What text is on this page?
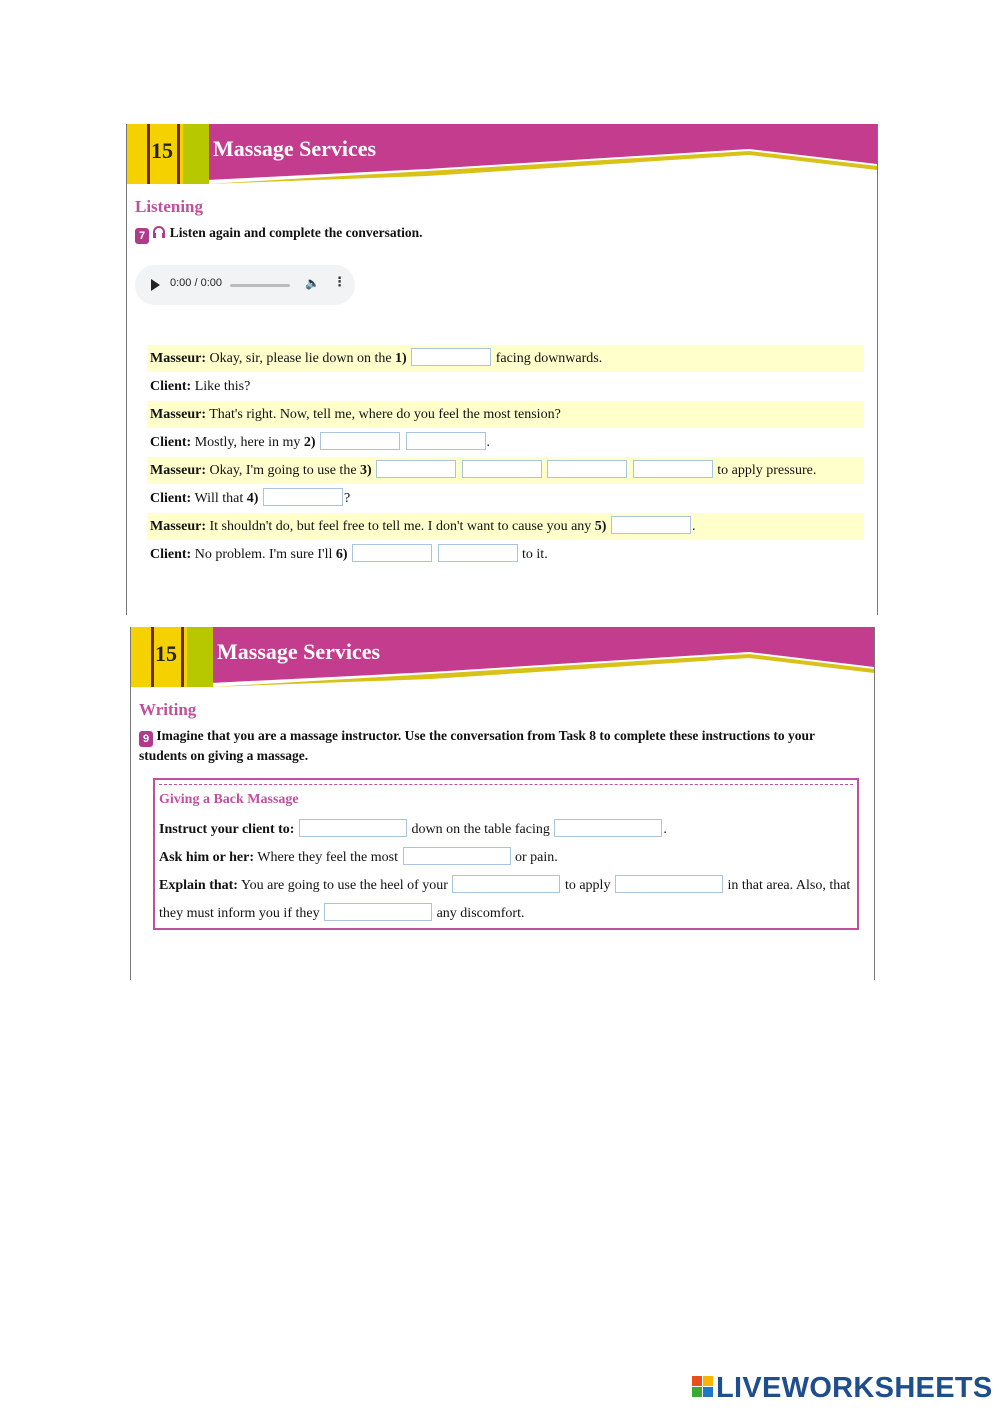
15 Massage Services
Listening
7 Listen again and complete the conversation.
0:00 / 0:00	🔈 ⋮
Masseur: Okay, sir, please lie down on the 1)	facing downwards.
Client: Like this?
Masseur: That's right. Now, tell me, where do you feel the most tension?
Client: Mostly, here in my 2)	.
Masseur: Okay, I'm going to use the 3)	to apply pressure.
Client: Will that 4)	?
Masseur: It shouldn't do, but feel free to tell me. I don't want to cause you any 5)	.
Client: No problem. I'm sure I'll 6)	to it.
15 Massage Services
Writing
9 Imagine that you are a massage instructor. Use the conversation from Task 8 to complete these instructions to your students on giving a massage.
Giving a Back Massage
Instruct your client to:	down on the table facing	.
Ask him or her: Where they feel the most	or pain.
Explain that: You are going to use the heel of your	to apply	in that area. Also, that
they must inform you if they	any discomfort.
LIVEWORKSHEETS
